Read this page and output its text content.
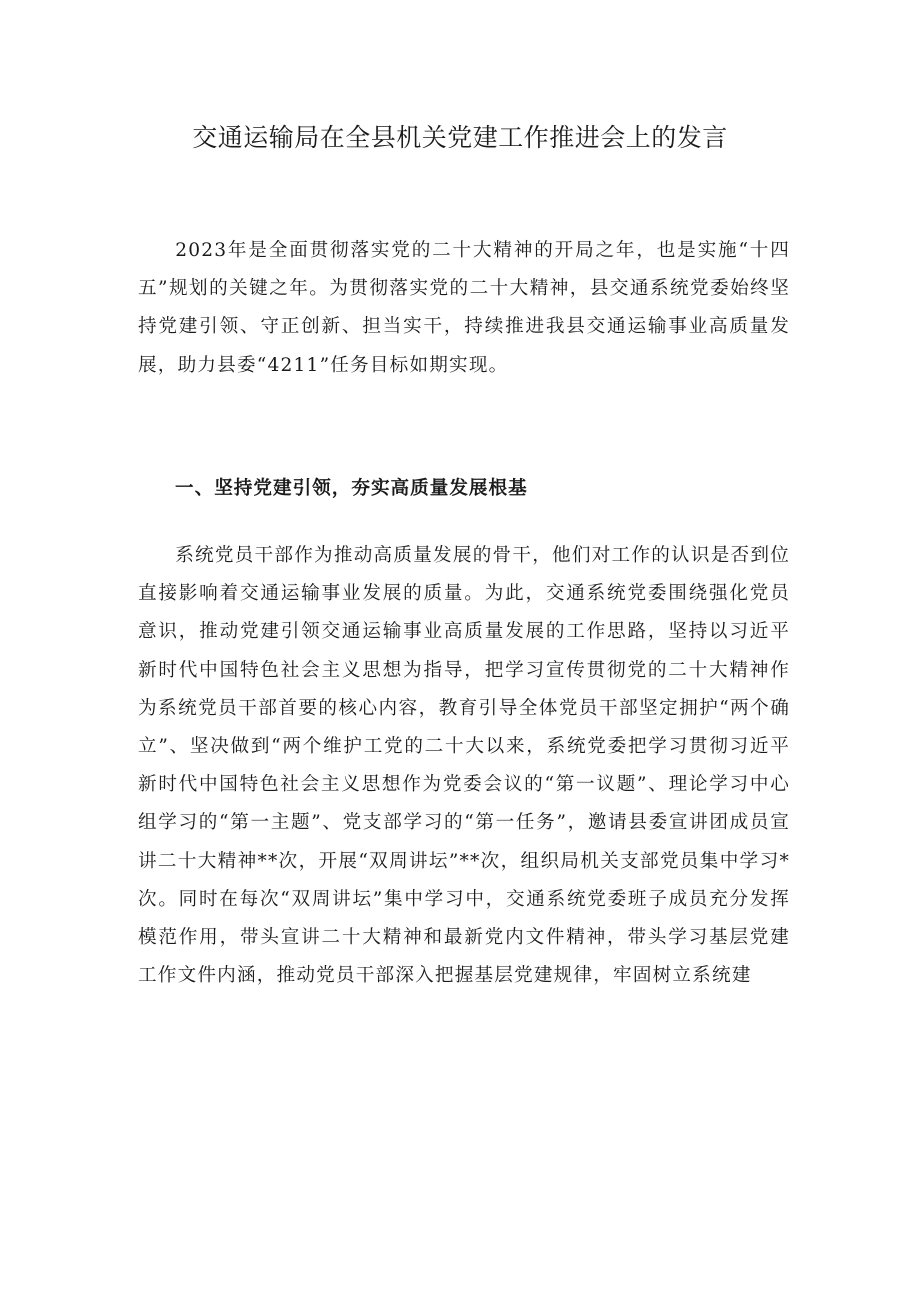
交通运输局在全县机关党建工作推进会上的发言

2023年是全面贯彻落实党的二十大精神的开局之年，也是实施“十四五”规划的关键之年。为贯彻落实党的二十大精神，县交通系统党委始终坚持党建引领、守正创新、担当实干，持续推进我县交通运输事业高质量发展，助力县委“4211”任务目标如期实现。

一、坚持党建引领，夯实高质量发展根基

系统党员干部作为推动高质量发展的骨干，他们对工作的认识是否到位直接影响着交通运输事业发展的质量。为此，交通系统党委围绕强化党员意识，推动党建引领交通运输事业高质量发展的工作思路，坚持以习近平新时代中国特色社会主义思想为指导，把学习宣传贯彻党的二十大精神作为系统党员干部首要的核心内容，教育引导全体党员干部坚定拥护“两个确立”、坚决做到“两个维护工党的二十大以来，系统党委把学习贯彻习近平新时代中国特色社会主义思想作为党委会议的“第一议题”、理论学习中心组学习的“第一主题”、党支部学习的“第一任务”，邀请县委宣讲团成员宣讲二十大精神**次，开展“双周讲坛”**次，组织局机关支部党员集中学习*次。同时在每次“双周讲坛”集中学习中，交通系统党委班子成员充分发挥模范作用，带头宣讲二十大精神和最新党内文件精神，带头学习基层党建工作文件内涵，推动党员干部深入把握基层党建规律，牢固树立系统建
